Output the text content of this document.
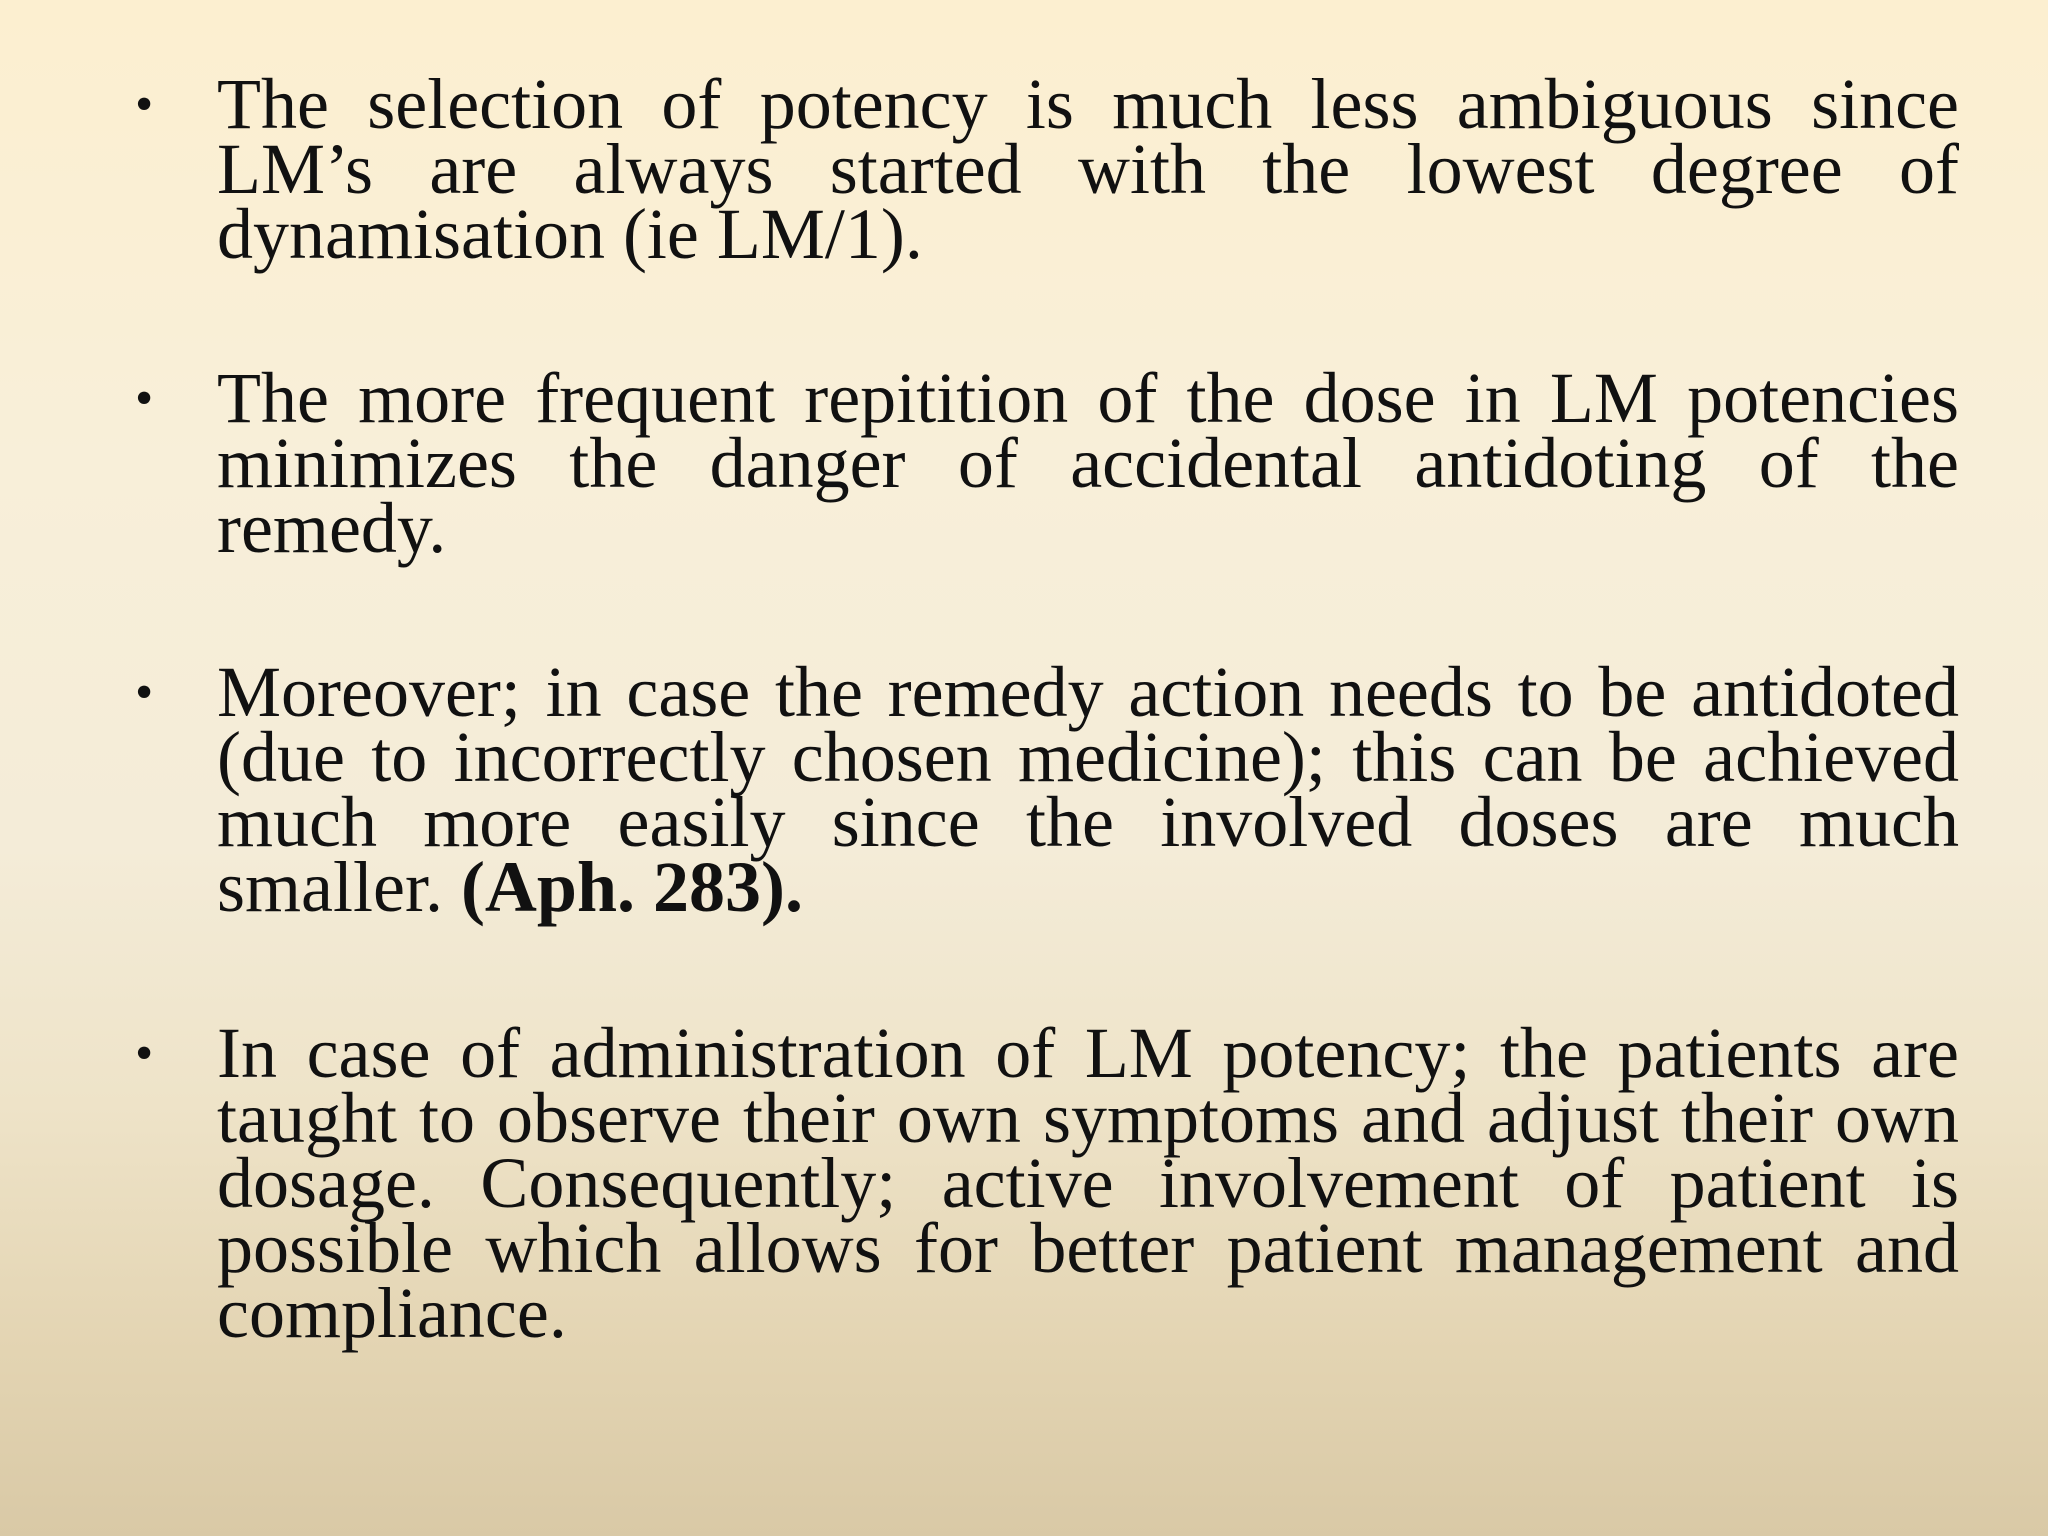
• The selection of potency is much less ambiguous since LM’s are always started with the lowest degree of dynamisation (ie LM/1).
• The more frequent repitition of the dose in LM potencies minimizes the danger of accidental antidoting of the remedy.
• Moreover; in case the remedy action needs to be antidoted (due to incorrectly chosen medicine); this can be achieved much more easily since the involved doses are much smaller. (Aph. 283).
• In case of administration of LM potency; the patients are taught to observe their own symptoms and adjust their own dosage. Consequently; active involvement of patient is possible which allows for better patient management and compliance.
